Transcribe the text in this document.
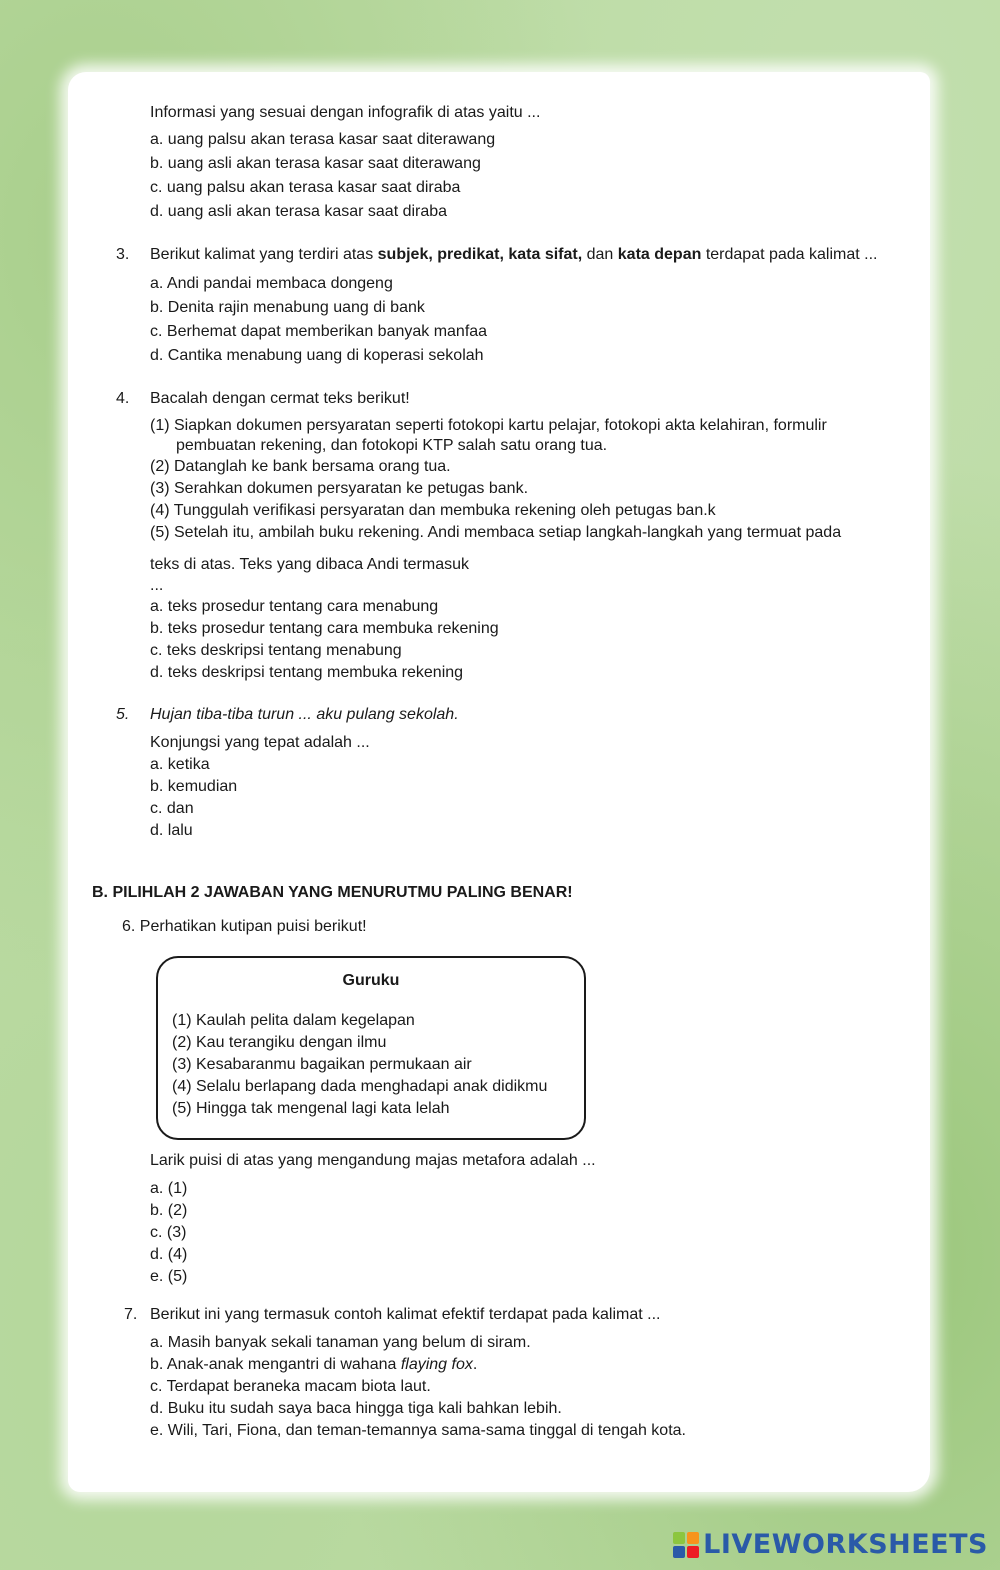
Informasi yang sesuai dengan infografik di atas yaitu ...
a. uang palsu akan terasa kasar saat diterawang
b. uang asli akan terasa kasar saat diterawang
c. uang palsu akan terasa kasar saat diraba
d. uang asli akan terasa kasar saat diraba
3. Berikut kalimat yang terdiri atas subjek, predikat, kata sifat, dan kata depan terdapat pada kalimat ...
a. Andi pandai membaca dongeng
b. Denita rajin menabung uang di bank
c. Berhemat dapat memberikan banyak manfaa
d. Cantika menabung uang di koperasi sekolah
4. Bacalah dengan cermat teks berikut!
(1) Siapkan dokumen persyaratan seperti fotokopi kartu pelajar, fotokopi akta kelahiran, formulir
pembuatan rekening, dan fotokopi KTP salah satu orang tua.
(2) Datanglah ke bank bersama orang tua.
(3) Serahkan dokumen persyaratan ke petugas bank.
(4) Tunggulah verifikasi persyaratan dan membuka rekening oleh petugas ban.k
(5) Setelah itu, ambilah buku rekening. Andi membaca setiap langkah-langkah yang termuat pada
teks di atas. Teks yang dibaca Andi termasuk
...
a. teks prosedur tentang cara menabung
b. teks prosedur tentang cara membuka rekening
c. teks deskripsi tentang menabung
d. teks deskripsi tentang membuka rekening
5. Hujan tiba-tiba turun ... aku pulang sekolah.
Konjungsi yang tepat adalah ...
a. ketika
b. kemudian
c. dan
d. lalu
B. PILIHLAH 2 JAWABAN YANG MENURUTMU PALING BENAR!
6. Perhatikan kutipan puisi berikut!
Guruku
(1) Kaulah pelita dalam kegelapan
(2) Kau terangiku dengan ilmu
(3) Kesabaranmu bagaikan permukaan air
(4) Selalu berlapang dada menghadapi anak didikmu
(5) Hingga tak mengenal lagi kata lelah
Larik puisi di atas yang mengandung majas metafora adalah ...
a. (1)
b. (2)
c. (3)
d. (4)
e. (5)
7. Berikut ini yang termasuk contoh kalimat efektif terdapat pada kalimat ...
a. Masih banyak sekali tanaman yang belum di siram.
b. Anak-anak mengantri di wahana flaying fox.
c. Terdapat beraneka macam biota laut.
d. Buku itu sudah saya baca hingga tiga kali bahkan lebih.
e. Wili, Tari, Fiona, dan teman-temannya sama-sama tinggal di tengah kota.
LIVEWORKSHEETS
